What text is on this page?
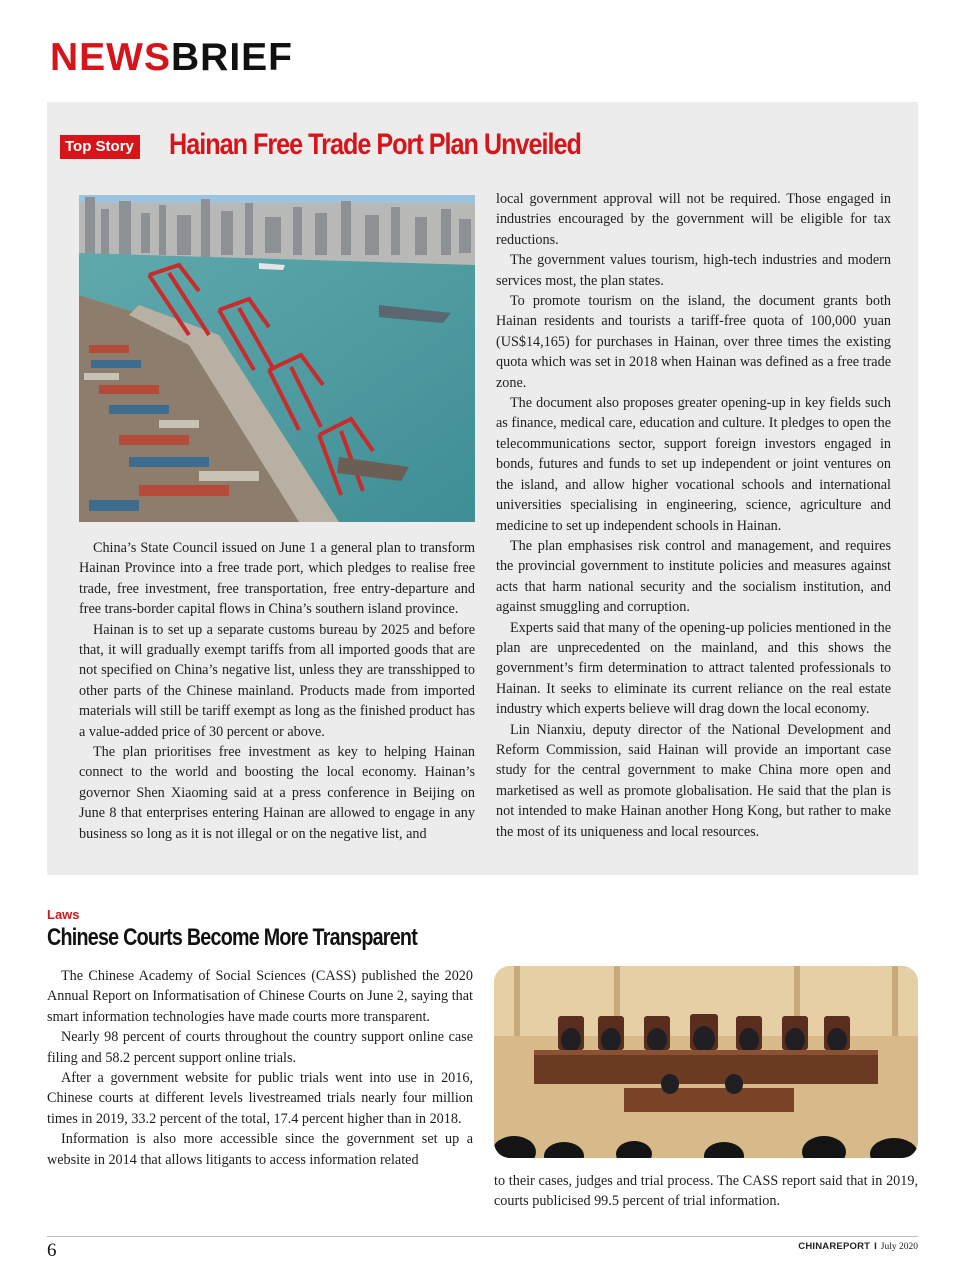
NEWSBRIEF
Top Story Hainan Free Trade Port Plan Unveiled

China’s State Council issued on June 1 a general plan to transform Hainan Province into a free trade port, which pledges to realise free trade, free investment, free transportation, free entry-departure and free trans-border capital flows in China’s southern island province.

Hainan is to set up a separate customs bureau by 2025 and before that, it will gradually exempt tariffs from all imported goods that are not specified on China’s negative list, unless they are transshipped to other parts of the Chinese mainland. Products made from imported materials will still be tariff exempt as long as the finished product has a value-added price of 30 percent or above.

The plan prioritises free investment as key to helping Hainan connect to the world and boosting the local economy. Hainan’s governor Shen Xiaoming said at a press conference in Beijing on June 8 that enterprises entering Hainan are allowed to engage in any business so long as it is not illegal or on the negative list, and

local government approval will not be required. Those engaged in industries encouraged by the government will be eligible for tax reductions.

The government values tourism, high-tech industries and modern services most, the plan states.

To promote tourism on the island, the document grants both Hainan residents and tourists a tariff-free quota of 100,000 yuan (US$14,165) for purchases in Hainan, over three times the existing quota which was set in 2018 when Hainan was defined as a free trade zone.

The document also proposes greater opening-up in key fields such as finance, medical care, education and culture. It pledges to open the telecommunications sector, support foreign investors engaged in bonds, futures and funds to set up independent or joint ventures on the island, and allow higher vocational schools and international universities specialising in engineering, science, agriculture and medicine to set up independent schools in Hainan.

The plan emphasises risk control and management, and requires the provincial government to institute policies and measures against acts that harm national security and the socialism institution, and against smuggling and corruption.

Experts said that many of the opening-up policies mentioned in the plan are unprecedented on the mainland, and this shows the government’s firm determination to attract talented professionals to Hainan. It seeks to eliminate its current reliance on the real estate industry which experts believe will drag down the local economy.

Lin Nianxiu, deputy director of the National Development and Reform Commission, said Hainan will provide an important case study for the central government to make China more open and marketised as well as promote globalisation. He said that the plan is not intended to make Hainan another Hong Kong, but rather to make the most of its uniqueness and local resources.

Laws
Chinese Courts Become More Transparent

The Chinese Academy of Social Sciences (CASS) published the 2020 Annual Report on Informatisation of Chinese Courts on June 2, saying that smart information technologies have made courts more transparent.

Nearly 98 percent of courts throughout the country support online case filing and 58.2 percent support online trials.

After a government website for public trials went into use in 2016, Chinese courts at different levels livestreamed trials nearly four million times in 2019, 33.2 percent of the total, 17.4 percent higher than in 2018.

Information is also more accessible since the government set up a website in 2014 that allows litigants to access information related

to their cases, judges and trial process. The CASS report said that in 2019, courts publicised 99.5 percent of trial information.

6	CHINAREPORT I July 2020
